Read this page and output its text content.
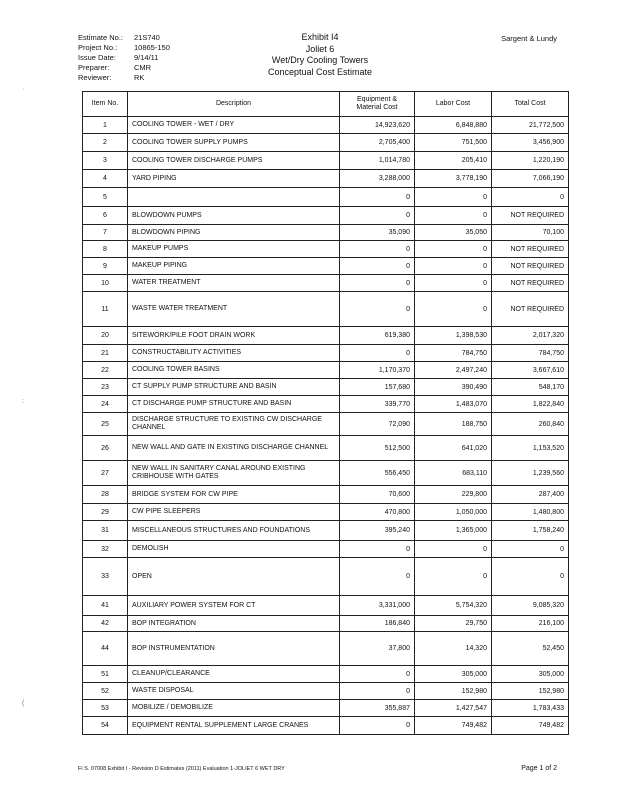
Estimate No.:	21S740
Project No.:	10865-150
Issue Date:	9/14/11
Preparer:	CMR
Reviewer:	RK
Exhibit I4
Joliet 6
Wet/Dry Cooling Towers
Conceptual Cost Estimate
Sargent & Lundy
Item No.	Description	Equipment & Material Cost	Labor Cost	Total Cost
1	COOLING TOWER - WET / DRY	14,923,620	6,848,880	21,772,500
2	COOLING TOWER SUPPLY PUMPS	2,705,400	751,500	3,456,900
3	COOLING TOWER DISCHARGE PUMPS	1,014,780	205,410	1,220,190
4	YARD PIPING	3,288,000	3,778,190	7,066,190
5		0	0	0
6	BLOWDOWN PUMPS	0	0	NOT REQUIRED
7	BLOWDOWN PIPING	35,090	35,050	70,100
8	MAKEUP PUMPS	0	0	NOT REQUIRED
9	MAKEUP PIPING	0	0	NOT REQUIRED
10	WATER TREATMENT	0	0	NOT REQUIRED
11	WASTE WATER TREATMENT	0	0	NOT REQUIRED
20	SITEWORK/PILE FOOT DRAIN WORK	619,380	1,398,530	2,017,320
21	CONSTRUCTABILITY ACTIVITIES	0	784,750	784,750
22	COOLING TOWER BASINS	1,170,370	2,497,240	3,667,610
23	CT SUPPLY PUMP STRUCTURE AND BASIN	157,680	390,490	548,170
24	CT DISCHARGE PUMP STRUCTURE AND BASIN	339,770	1,483,070	1,822,840
25	DISCHARGE STRUCTURE TO EXISTING CW DISCHARGE CHANNEL	72,090	188,750	260,840
26	NEW WALL AND GATE IN EXISTING DISCHARGE CHANNEL	512,500	641,020	1,153,520
27	NEW WALL IN SANITARY CANAL AROUND EXISTING CRIBHOUSE WITH GATES	556,450	683,110	1,239,560
28	BRIDGE SYSTEM FOR CW PIPE	70,600	229,800	287,400
29	CW PIPE SLEEPERS	470,800	1,050,000	1,480,800
31	MISCELLANEOUS STRUCTURES AND FOUNDATIONS	395,240	1,365,000	1,758,240
32	DEMOLISH	0	0	0
33	OPEN	0	0	0
41	AUXILIARY POWER SYSTEM FOR CT	3,331,000	5,754,320	9,085,320
42	BOP INTEGRATION	186,840	29,750	216,100
44	BOP INSTRUMENTATION	37,800	14,320	52,450
51	CLEANUP/CLEARANCE	0	305,000	305,000
52	WASTE DISPOSAL	0	152,980	152,980
53	MOBILIZE / DEMOBILIZE	355,887	1,427,547	1,783,433
54	EQUIPMENT RENTAL SUPPLEMENT LARGE CRANES	0	749,482	749,482
Fi S. 07008 Exhibit I - Revision D Estimates (2011) Evaluation 1-JOLIET 6 WET DRY	Page 1 of 2
·
:
(
